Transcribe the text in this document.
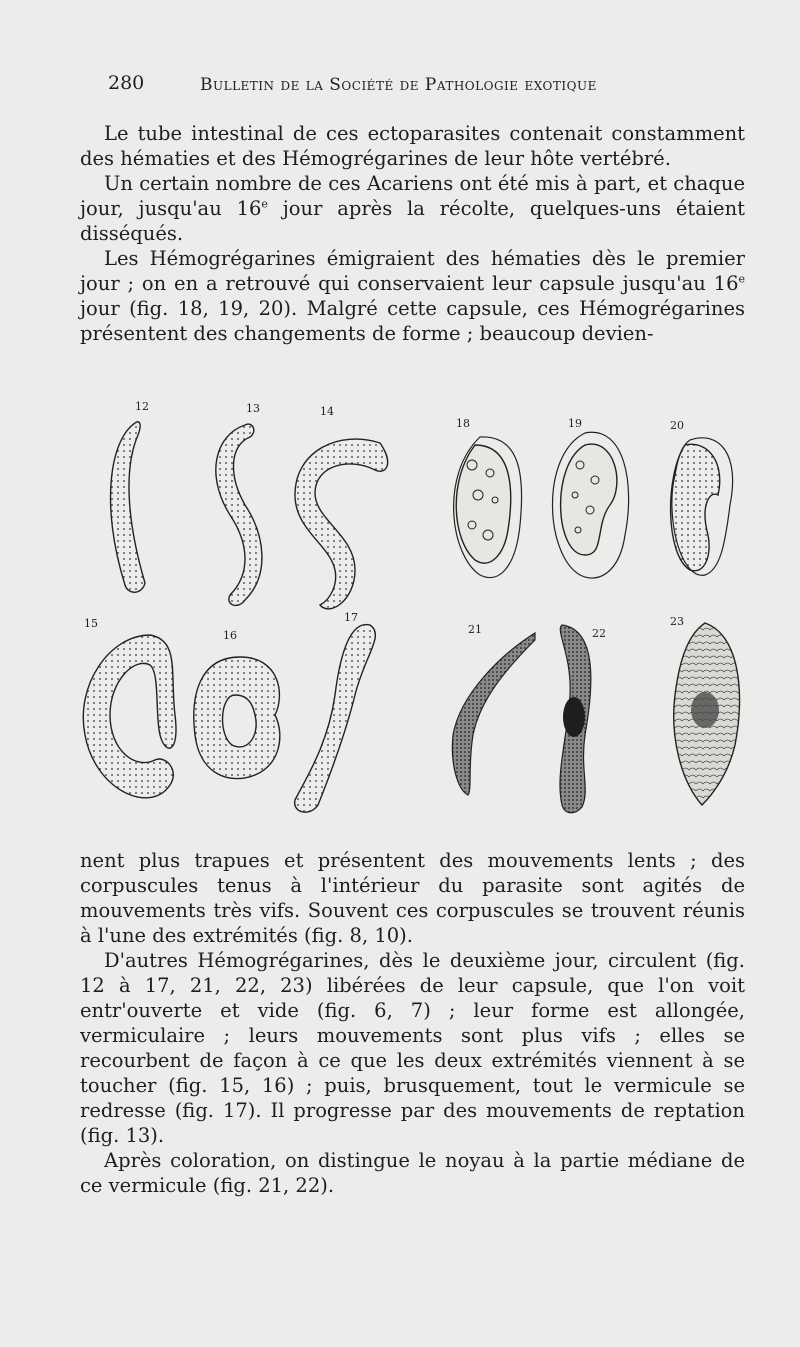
280	Bulletin de la Société de Pathologie exotique

Le tube intestinal de ces ectoparasites contenait constamment des hématies et des Hémogrégarines de leur hôte vertébré.

Un certain nombre de ces Acariens ont été mis à part, et chaque jour, jusqu'au 16e jour après la récolte, quelques-uns étaient disséqués.

Les Hémogrégarines émigraient des hématies dès le premier jour ; on en a retrouvé qui conservaient leur capsule jusqu'au 16e jour (fig. 18, 19, 20). Malgré cette capsule, ces Hémogrégarines présentent des changements de forme ; beaucoup devien-

12	13	14
18	19	20
15
16
17
21	22
23

nent plus trapues et présentent des mouvements lents ; des corpuscules tenus à l'intérieur du parasite sont agités de mouvements très vifs. Souvent ces corpuscules se trouvent réunis à l'une des extrémités (fig. 8, 10).

D'autres Hémogrégarines, dès le deuxième jour, circulent (fig. 12 à 17, 21, 22, 23) libérées de leur capsule, que l'on voit entr'ouverte et vide (fig. 6, 7) ; leur forme est allongée, vermiculaire ; leurs mouvements sont plus vifs ; elles se recourbent de façon à ce que les deux extrémités viennent à se toucher (fig. 15, 16) ; puis, brusquement, tout le vermicule se redresse (fig. 17). Il progresse par des mouvements de reptation (fig. 13).

Après coloration, on distingue le noyau à la partie médiane de ce vermicule (fig. 21, 22).
